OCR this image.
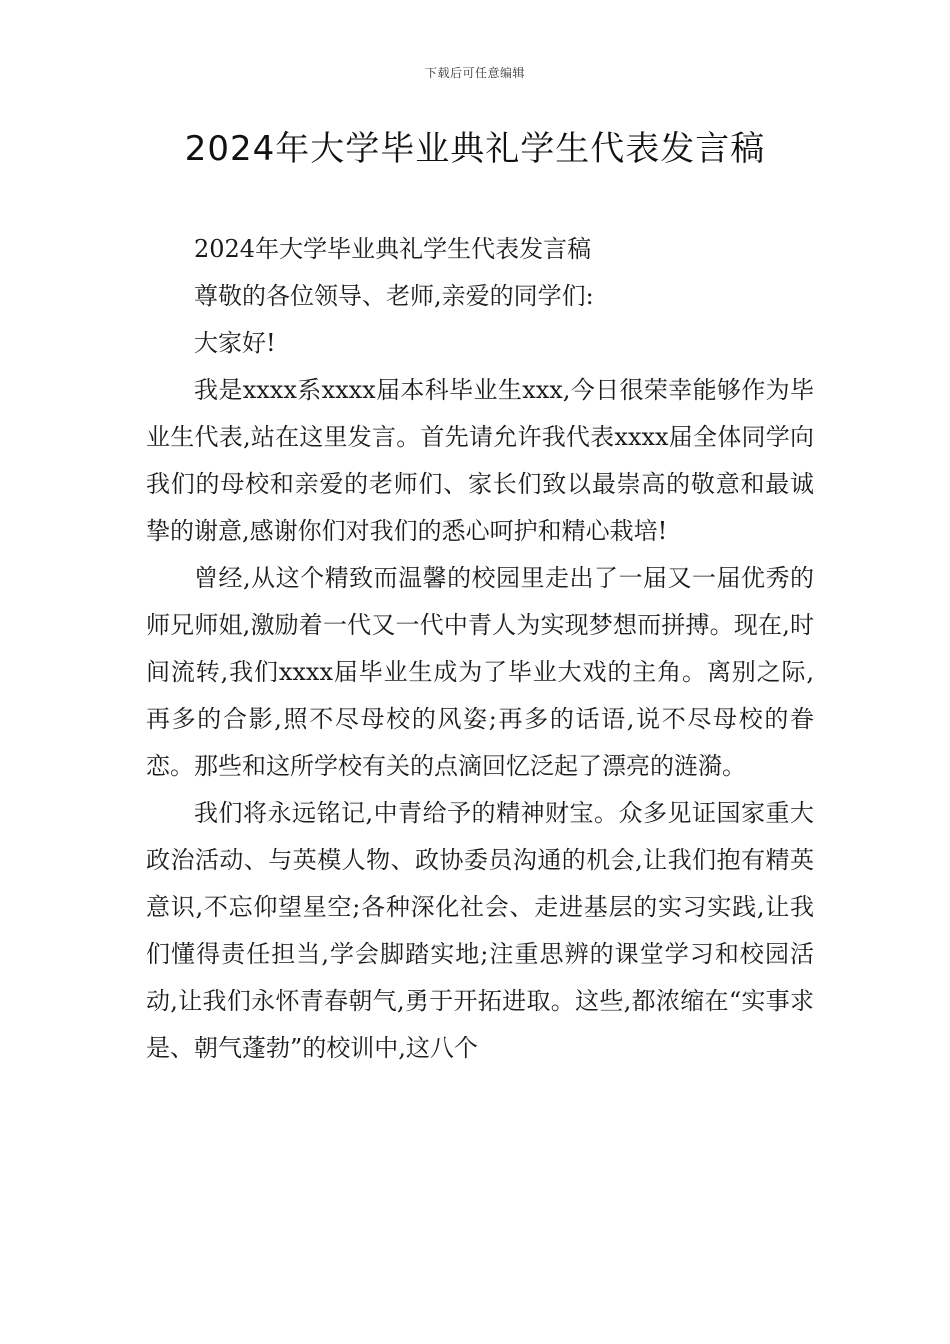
下载后可任意编辑
2024年大学毕业典礼学生代表发言稿

2024年大学毕业典礼学生代表发言稿

尊敬的各位领导、老师,亲爱的同学们:

大家好!

我是xxxx系xxxx届本科毕业生xxx,今日很荣幸能够作为毕业生代表,站在这里发言。首先请允许我代表xxxx届全体同学向我们的母校和亲爱的老师们、家长们致以最崇高的敬意和最诚挚的谢意,感谢你们对我们的悉心呵护和精心栽培!

曾经,从这个精致而温馨的校园里走出了一届又一届优秀的师兄师姐,激励着一代又一代中青人为实现梦想而拼搏。现在,时间流转,我们xxxx届毕业生成为了毕业大戏的主角。离别之际,再多的合影,照不尽母校的风姿;再多的话语,说不尽母校的眷恋。那些和这所学校有关的点滴回忆泛起了漂亮的涟漪。

我们将永远铭记,中青给予的精神财宝。众多见证国家重大政治活动、与英模人物、政协委员沟通的机会,让我们抱有精英意识,不忘仰望星空;各种深化社会、走进基层的实习实践,让我们懂得责任担当,学会脚踏实地;注重思辨的课堂学习和校园活动,让我们永怀青春朝气,勇于开拓进取。这些,都浓缩在“实事求是、朝气蓬勃”的校训中,这八个
